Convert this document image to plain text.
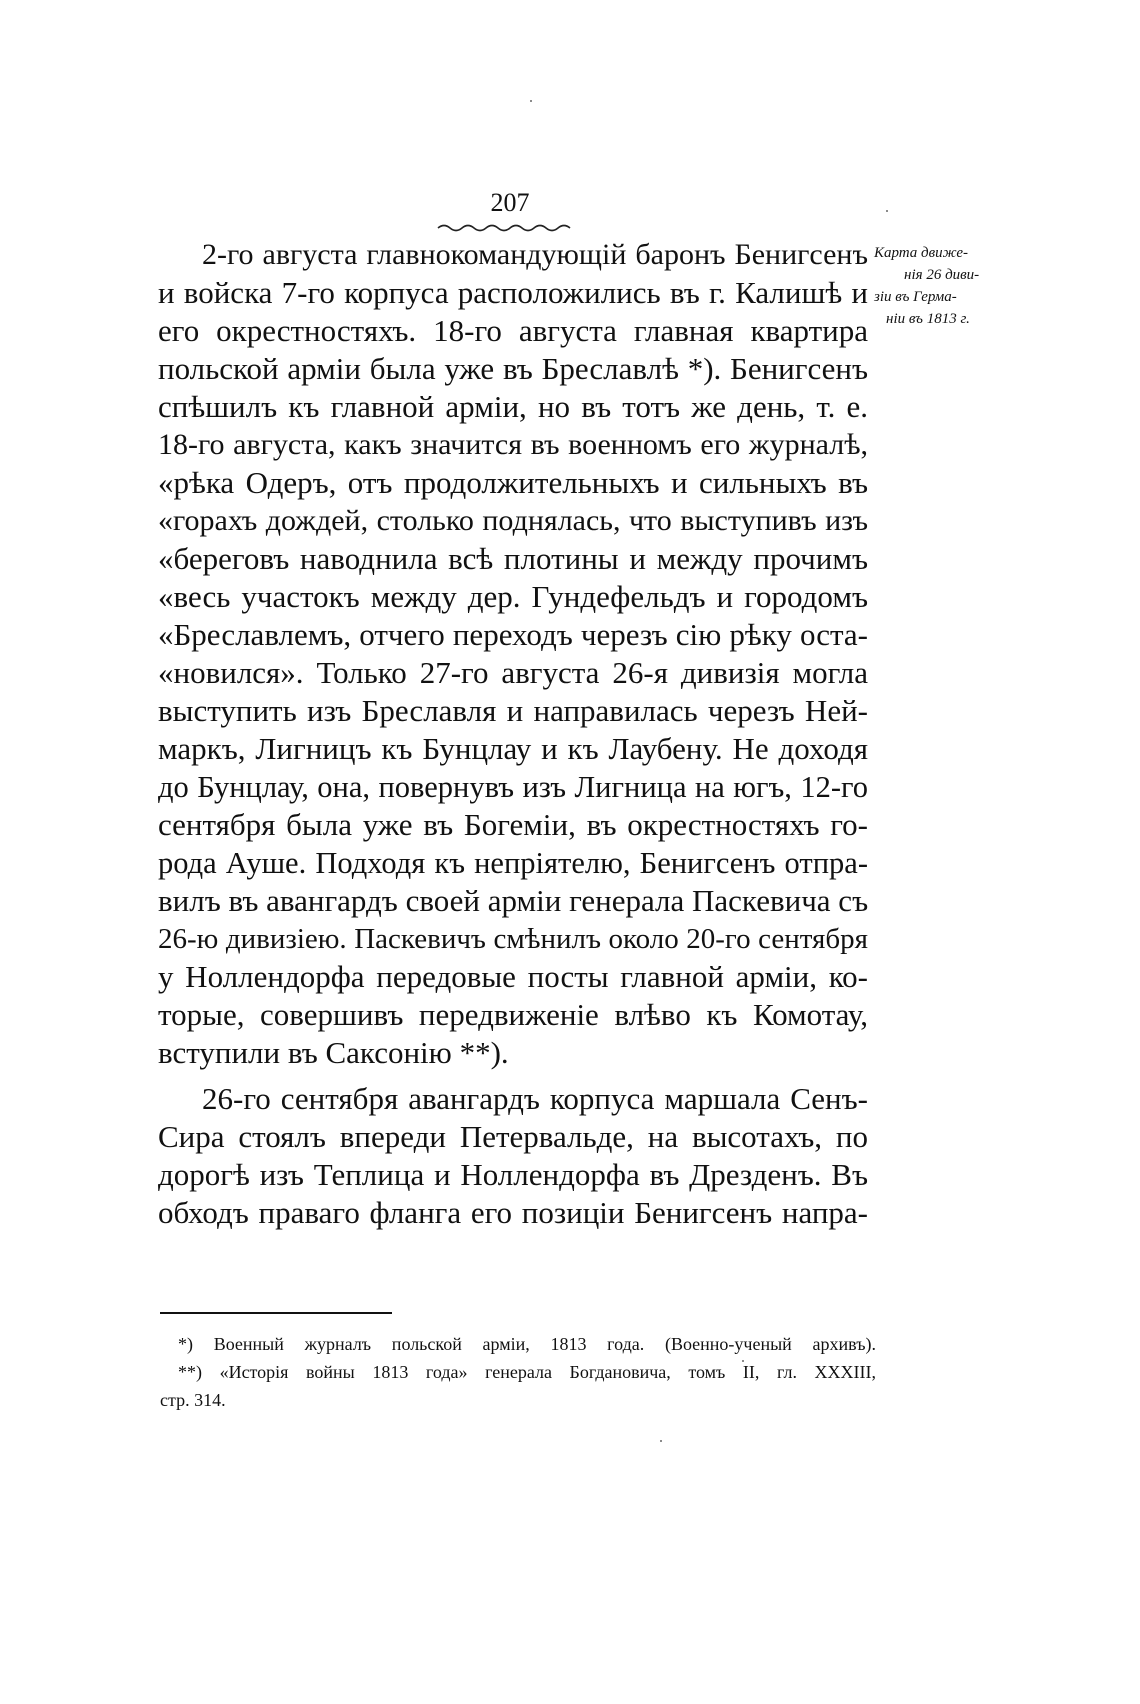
207
Карта движе-
нія 26 диви-
зіи въ Герма-
ніи въ 1813 г.
2-го августа главнокомандующій баронъ Бенигсенъ
и войска 7-го корпуса расположились въ г. Калишѣ и
его окрестностяхъ. 18-го августа главная квартира
польской арміи была уже въ Бреславлѣ *). Бенигсенъ
спѣшилъ къ главной арміи, но въ тотъ же день, т. е.
18-го августа, какъ значится въ военномъ его журналѣ,
«рѣка Одеръ, отъ продолжительныхъ и сильныхъ въ
«горахъ дождей, столько поднялась, что выступивъ изъ
«береговъ наводнила всѣ плотины и между прочимъ
«весь участокъ между дер. Гундефельдъ и городомъ
«Бреславлемъ, отчего переходъ черезъ сію рѣку оста-
«новился». Только 27-го августа 26-я дивизія могла
выступить изъ Бреславля и направилась черезъ Ней-
маркъ, Лигницъ къ Бунцлау и къ Лаубену. Не доходя
до Бунцлау, она, повернувъ изъ Лигница на югъ, 12-го
сентября была уже въ Богеміи, въ окрестностяхъ го-
рода Ауше. Подходя къ непріятелю, Бенигсенъ отпра-
вилъ въ авангардъ своей арміи генерала Паскевича съ
26-ю дивизіею. Паскевичъ смѣнилъ около 20-го сентября
у Ноллендорфа передовые посты главной арміи, ко-
торые, совершивъ передвиженіе влѣво къ Комотау,
вступили въ Саксонію **).
26-го сентября авангардъ корпуса маршала Сенъ-
Сира стоялъ впереди Петервальде, на высотахъ, по
дорогѣ изъ Теплица и Ноллендорфа въ Дрезденъ. Въ
обходъ праваго фланга его позиціи Бенигсенъ напра-
*) Военный журналъ польской арміи, 1813 года. (Военно-ученый архивъ).
**) «Исторія войны 1813 года» генерала Богдановича, томъ II, гл. XXXIII,
стр. 314.
